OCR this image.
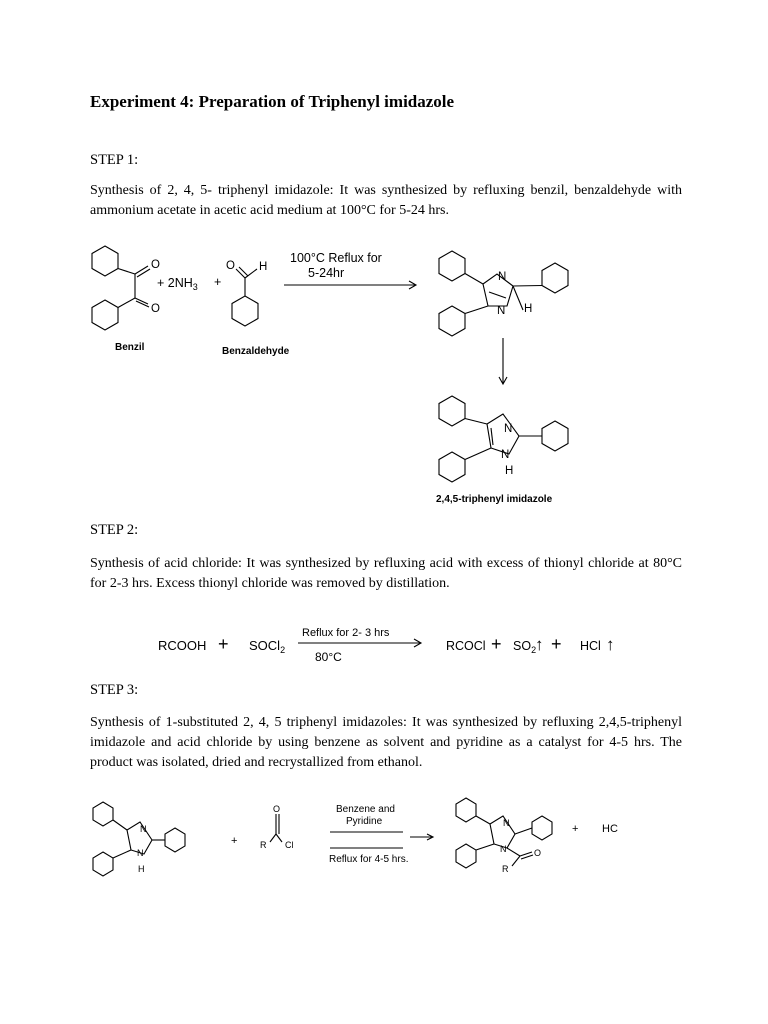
Experiment 4: Preparation of Triphenyl imidazole
STEP 1:
Synthesis of 2, 4, 5- triphenyl imidazole: It was synthesized by refluxing benzil, benzaldehyde with ammonium acetate in acetic acid medium at 100°C for 5-24 hrs.
O
O
+ $2NH_3$ +
O H
100°C Reflux for
5-24hr
Benzil	Benzaldehyde
N
N H
N
N
H
2,4,5-triphenyl imidazole
STEP 2:
Synthesis of acid chloride: It was synthesized by refluxing acid with excess of thionyl chloride at 80°C for 2-3 hrs. Excess thionyl chloride was removed by distillation.
RCOOH + SOCl$_2$
Reflux for 2- 3 hrs
80°C
RCOCl + $SO_2$
↑ + HCl ↑
STEP 3:
Synthesis of 1-substituted 2, 4, 5 triphenyl imidazoles: It was synthesized by refluxing 2,4,5-triphenyl imidazole and acid chloride by using benzene as solvent and pyridine as a catalyst for 4-5 hrs. The product was isolated, dried and recrystallized from ethanol.
N
N
H
+
O
R Cl
Benzene and
Pyridine
Reflux for 4-5 hrs.
N
N	O
R
+ HC
